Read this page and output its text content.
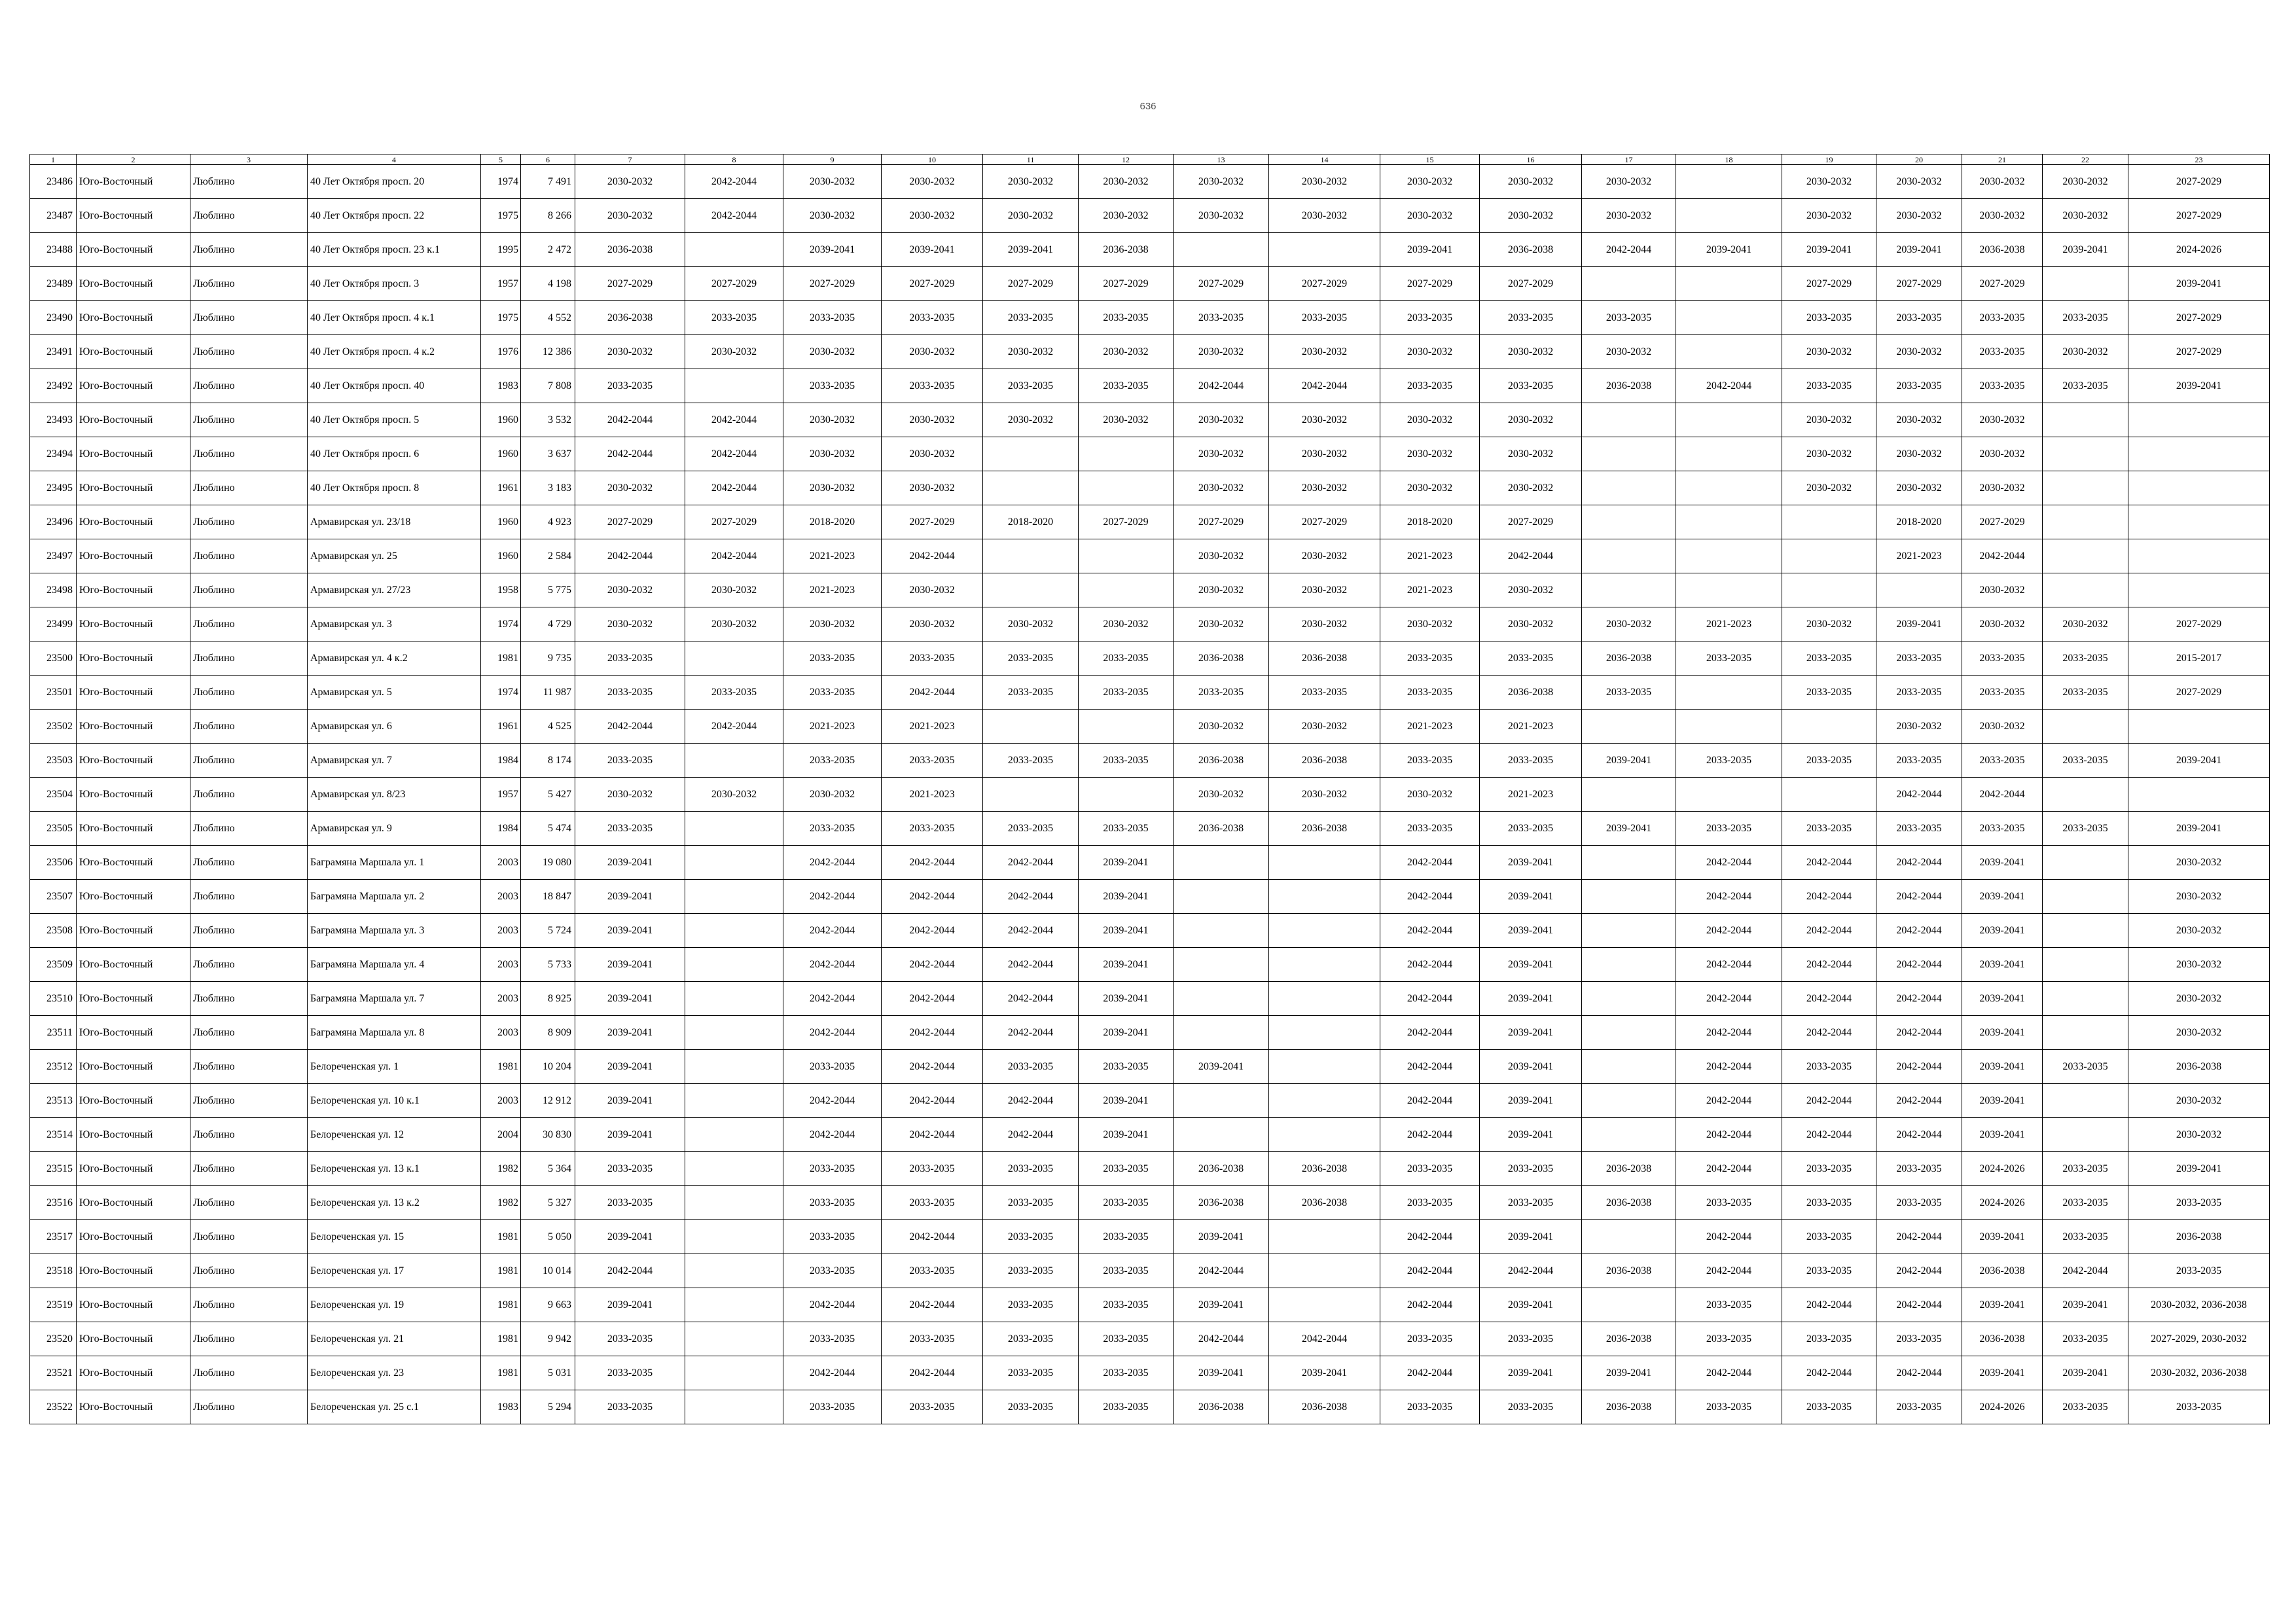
636
1	2	3	4	5	6	7	8	9	10	11	12	13	14	15	16	17	18	19	20	21	22	23
23486	Юго-Восточный	Люблино	40 Лет Октября просп. 20	1974	7 491	2030-2032	2042-2044	2030-2032	2030-2032	2030-2032	2030-2032	2030-2032	2030-2032	2030-2032	2030-2032	2030-2032		2030-2032	2030-2032	2030-2032	2030-2032	2027-2029
23487	Юго-Восточный	Люблино	40 Лет Октября просп. 22	1975	8 266	2030-2032	2042-2044	2030-2032	2030-2032	2030-2032	2030-2032	2030-2032	2030-2032	2030-2032	2030-2032	2030-2032		2030-2032	2030-2032	2030-2032	2030-2032	2027-2029
23488	Юго-Восточный	Люблино	40 Лет Октября просп. 23 к.1	1995	2 472	2036-2038		2039-2041	2039-2041	2039-2041	2036-2038			2039-2041	2036-2038	2042-2044	2039-2041	2039-2041	2039-2041	2036-2038	2039-2041	2024-2026
23489	Юго-Восточный	Люблино	40 Лет Октября просп. 3	1957	4 198	2027-2029	2027-2029	2027-2029	2027-2029	2027-2029	2027-2029	2027-2029	2027-2029	2027-2029	2027-2029			2027-2029	2027-2029	2027-2029		2039-2041
23490	Юго-Восточный	Люблино	40 Лет Октября просп. 4 к.1	1975	4 552	2036-2038	2033-2035	2033-2035	2033-2035	2033-2035	2033-2035	2033-2035	2033-2035	2033-2035	2033-2035	2033-2035		2033-2035	2033-2035	2033-2035	2033-2035	2027-2029
23491	Юго-Восточный	Люблино	40 Лет Октября просп. 4 к.2	1976	12 386	2030-2032	2030-2032	2030-2032	2030-2032	2030-2032	2030-2032	2030-2032	2030-2032	2030-2032	2030-2032	2030-2032		2030-2032	2030-2032	2033-2035	2030-2032	2027-2029
23492	Юго-Восточный	Люблино	40 Лет Октября просп. 40	1983	7 808	2033-2035		2033-2035	2033-2035	2033-2035	2033-2035	2042-2044	2042-2044	2033-2035	2033-2035	2036-2038	2042-2044	2033-2035	2033-2035	2033-2035	2033-2035	2039-2041
23493	Юго-Восточный	Люблино	40 Лет Октября просп. 5	1960	3 532	2042-2044	2042-2044	2030-2032	2030-2032	2030-2032	2030-2032	2030-2032	2030-2032	2030-2032	2030-2032			2030-2032	2030-2032	2030-2032		
23494	Юго-Восточный	Люблино	40 Лет Октября просп. 6	1960	3 637	2042-2044	2042-2044	2030-2032	2030-2032			2030-2032	2030-2032	2030-2032	2030-2032			2030-2032	2030-2032	2030-2032		
23495	Юго-Восточный	Люблино	40 Лет Октября просп. 8	1961	3 183	2030-2032	2042-2044	2030-2032	2030-2032			2030-2032	2030-2032	2030-2032	2030-2032			2030-2032	2030-2032	2030-2032		
23496	Юго-Восточный	Люблино	Армавирская ул. 23/18	1960	4 923	2027-2029	2027-2029	2018-2020	2027-2029	2018-2020	2027-2029	2027-2029	2027-2029	2018-2020	2027-2029				2018-2020	2027-2029		
23497	Юго-Восточный	Люблино	Армавирская ул. 25	1960	2 584	2042-2044	2042-2044	2021-2023	2042-2044			2030-2032	2030-2032	2021-2023	2042-2044				2021-2023	2042-2044		
23498	Юго-Восточный	Люблино	Армавирская ул. 27/23	1958	5 775	2030-2032	2030-2032	2021-2023	2030-2032			2030-2032	2030-2032	2021-2023	2030-2032					2030-2032		
23499	Юго-Восточный	Люблино	Армавирская ул. 3	1974	4 729	2030-2032	2030-2032	2030-2032	2030-2032	2030-2032	2030-2032	2030-2032	2030-2032	2030-2032	2030-2032	2030-2032	2021-2023	2030-2032	2039-2041	2030-2032	2030-2032	2027-2029
23500	Юго-Восточный	Люблино	Армавирская ул. 4 к.2	1981	9 735	2033-2035		2033-2035	2033-2035	2033-2035	2033-2035	2036-2038	2036-2038	2033-2035	2033-2035	2036-2038	2033-2035	2033-2035	2033-2035	2033-2035	2033-2035	2015-2017
23501	Юго-Восточный	Люблино	Армавирская ул. 5	1974	11 987	2033-2035	2033-2035	2033-2035	2042-2044	2033-2035	2033-2035	2033-2035	2033-2035	2033-2035	2036-2038	2033-2035		2033-2035	2033-2035	2033-2035	2033-2035	2027-2029
23502	Юго-Восточный	Люблино	Армавирская ул. 6	1961	4 525	2042-2044	2042-2044	2021-2023	2021-2023			2030-2032	2030-2032	2021-2023	2021-2023				2030-2032	2030-2032		
23503	Юго-Восточный	Люблино	Армавирская ул. 7	1984	8 174	2033-2035		2033-2035	2033-2035	2033-2035	2033-2035	2036-2038	2036-2038	2033-2035	2033-2035	2039-2041	2033-2035	2033-2035	2033-2035	2033-2035	2033-2035	2039-2041
23504	Юго-Восточный	Люблино	Армавирская ул. 8/23	1957	5 427	2030-2032	2030-2032	2030-2032	2021-2023			2030-2032	2030-2032	2030-2032	2021-2023				2042-2044	2042-2044		
23505	Юго-Восточный	Люблино	Армавирская ул. 9	1984	5 474	2033-2035		2033-2035	2033-2035	2033-2035	2033-2035	2036-2038	2036-2038	2033-2035	2033-2035	2039-2041	2033-2035	2033-2035	2033-2035	2033-2035	2033-2035	2039-2041
23506	Юго-Восточный	Люблино	Баграмяна Маршала ул. 1	2003	19 080	2039-2041		2042-2044	2042-2044	2042-2044	2039-2041			2042-2044	2039-2041		2042-2044	2042-2044	2042-2044	2039-2041		2030-2032
23507	Юго-Восточный	Люблино	Баграмяна Маршала ул. 2	2003	18 847	2039-2041		2042-2044	2042-2044	2042-2044	2039-2041			2042-2044	2039-2041		2042-2044	2042-2044	2042-2044	2039-2041		2030-2032
23508	Юго-Восточный	Люблино	Баграмяна Маршала ул. 3	2003	5 724	2039-2041		2042-2044	2042-2044	2042-2044	2039-2041			2042-2044	2039-2041		2042-2044	2042-2044	2042-2044	2039-2041		2030-2032
23509	Юго-Восточный	Люблино	Баграмяна Маршала ул. 4	2003	5 733	2039-2041		2042-2044	2042-2044	2042-2044	2039-2041			2042-2044	2039-2041		2042-2044	2042-2044	2042-2044	2039-2041		2030-2032
23510	Юго-Восточный	Люблино	Баграмяна Маршала ул. 7	2003	8 925	2039-2041		2042-2044	2042-2044	2042-2044	2039-2041			2042-2044	2039-2041		2042-2044	2042-2044	2042-2044	2039-2041		2030-2032
23511	Юго-Восточный	Люблино	Баграмяна Маршала ул. 8	2003	8 909	2039-2041		2042-2044	2042-2044	2042-2044	2039-2041			2042-2044	2039-2041		2042-2044	2042-2044	2042-2044	2039-2041		2030-2032
23512	Юго-Восточный	Люблино	Белореченская ул. 1	1981	10 204	2039-2041		2033-2035	2042-2044	2033-2035	2033-2035	2039-2041		2042-2044	2039-2041		2042-2044	2033-2035	2042-2044	2039-2041	2033-2035	2036-2038
23513	Юго-Восточный	Люблино	Белореченская ул. 10 к.1	2003	12 912	2039-2041		2042-2044	2042-2044	2042-2044	2039-2041			2042-2044	2039-2041		2042-2044	2042-2044	2042-2044	2039-2041		2030-2032
23514	Юго-Восточный	Люблино	Белореченская ул. 12	2004	30 830	2039-2041		2042-2044	2042-2044	2042-2044	2039-2041			2042-2044	2039-2041		2042-2044	2042-2044	2042-2044	2039-2041		2030-2032
23515	Юго-Восточный	Люблино	Белореченская ул. 13 к.1	1982	5 364	2033-2035		2033-2035	2033-2035	2033-2035	2033-2035	2036-2038	2036-2038	2033-2035	2033-2035	2036-2038	2042-2044	2033-2035	2033-2035	2024-2026	2033-2035	2039-2041
23516	Юго-Восточный	Люблино	Белореченская ул. 13 к.2	1982	5 327	2033-2035		2033-2035	2033-2035	2033-2035	2033-2035	2036-2038	2036-2038	2033-2035	2033-2035	2036-2038	2033-2035	2033-2035	2033-2035	2024-2026	2033-2035	2033-2035
23517	Юго-Восточный	Люблино	Белореченская ул. 15	1981	5 050	2039-2041		2033-2035	2042-2044	2033-2035	2033-2035	2039-2041		2042-2044	2039-2041		2042-2044	2033-2035	2042-2044	2039-2041	2033-2035	2036-2038
23518	Юго-Восточный	Люблино	Белореченская ул. 17	1981	10 014	2042-2044		2033-2035	2033-2035	2033-2035	2033-2035	2042-2044		2042-2044	2042-2044	2036-2038	2042-2044	2033-2035	2042-2044	2036-2038	2042-2044	2033-2035
23519	Юго-Восточный	Люблино	Белореченская ул. 19	1981	9 663	2039-2041		2042-2044	2042-2044	2033-2035	2033-2035	2039-2041		2042-2044	2039-2041		2033-2035	2042-2044	2042-2044	2039-2041	2039-2041	2030-2032, 2036-2038
23520	Юго-Восточный	Люблино	Белореченская ул. 21	1981	9 942	2033-2035		2033-2035	2033-2035	2033-2035	2033-2035	2042-2044	2042-2044	2033-2035	2033-2035	2036-2038	2033-2035	2033-2035	2033-2035	2036-2038	2033-2035	2027-2029, 2030-2032
23521	Юго-Восточный	Люблино	Белореченская ул. 23	1981	5 031	2033-2035		2042-2044	2042-2044	2033-2035	2033-2035	2039-2041	2039-2041	2042-2044	2039-2041	2039-2041	2042-2044	2042-2044	2042-2044	2039-2041	2039-2041	2030-2032, 2036-2038
23522	Юго-Восточный	Люблино	Белореченская ул. 25 с.1	1983	5 294	2033-2035		2033-2035	2033-2035	2033-2035	2033-2035	2036-2038	2036-2038	2033-2035	2033-2035	2036-2038	2033-2035	2033-2035	2033-2035	2024-2026	2033-2035	2033-2035
